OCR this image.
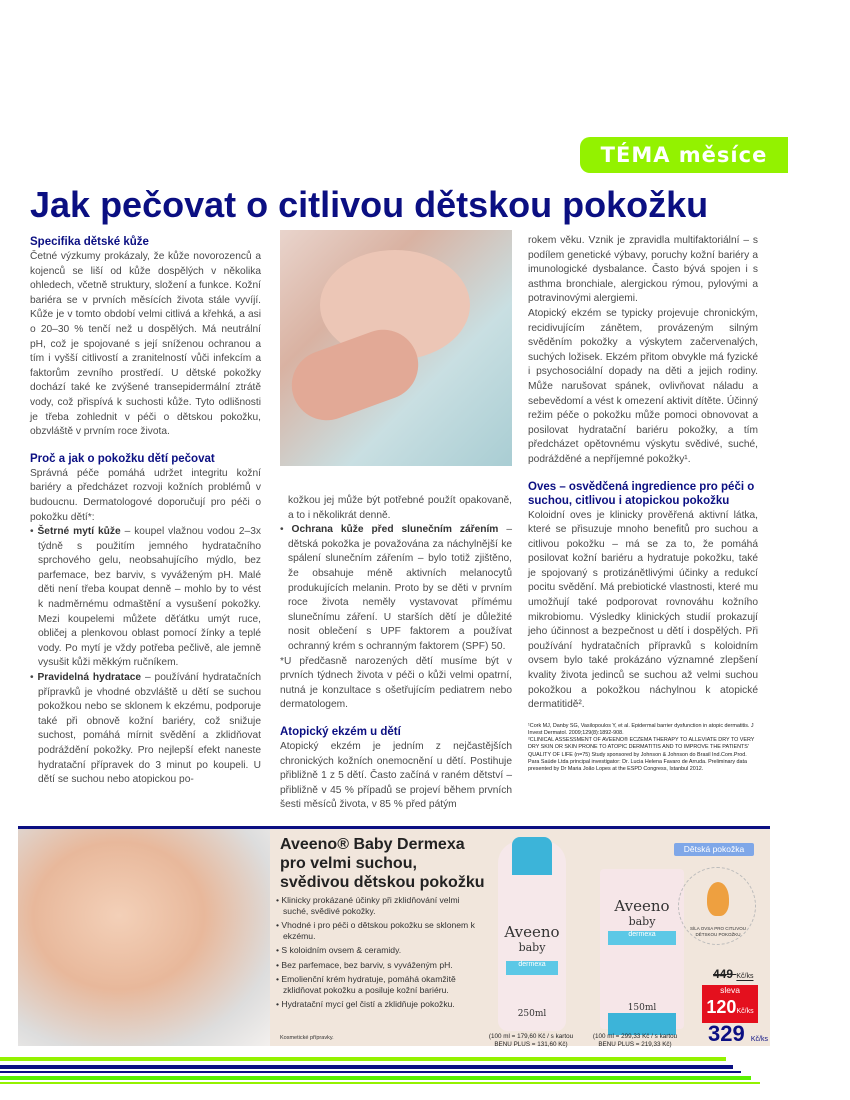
TÉMA měsíce
Jak pečovat o citlivou dětskou pokožku
Specifika dětské kůže

Četné výzkumy prokázaly, že kůže novorozenců a kojenců se liší od kůže dospělých v několika ohledech, včetně struktury, složení a funkce. Kožní bariéra se v prvních měsících života stále vyvíjí. Kůže je v tomto období velmi citlivá a křehká, a asi o 20–30 % tenčí než u dospělých. Má neutrální pH, což je spojované s její sníženou ochranou a tím i vyšší citlivostí a zranitelností vůči infekcím a faktorům zevního prostředí. U dětské pokožky dochází také ke zvýšené transepidermální ztrátě vody, což přispívá k suchosti kůže. Tyto odlišnosti je třeba zohlednit v péči o dětskou pokožku, obzvláště v prvním roce života.

Proč a jak o pokožku dětí pečovat

Správná péče pomáhá udržet integritu kožní bariéry a předcházet rozvoji kožních problémů v budoucnu. Dermatologové doporučují pro péči o pokožku dětí*:

• Šetrné mytí kůže – koupel vlažnou vodou 2–3x týdně s použitím jemného hydratačního sprchového gelu, neobsahujícího mýdlo, bez parfemace, bez barviv, s vyváženým pH. Malé děti není třeba koupat denně – mohlo by to vést k nadměrnému odmaštění a vysušení pokožky. Mezi koupelemi můžete děťátku umýt ruce, obličej a plenkovou oblast pomocí žínky a teplé vody. Po mytí je vždy potřeba pečlivě, ale jemně vysušit kůži měkkým ručníkem.
• Pravidelná hydratace – používání hydratačních přípravků je vhodné obzvláště u dětí se suchou pokožkou nebo se sklonem k ekzému, podporuje také při obnově kožní bariéry, což snižuje suchost, pomáhá mírnit svědění a zklidňovat podráždění pokožky. Pro nejlepší efekt naneste hydratační přípravek do 3 minut po koupeli. U dětí se suchou nebo atopickou po-

kožkou jej může být potřebné použít opakovaně, a to i několikrát denně.

• Ochrana kůže před slunečním zářením – dětská pokožka je považována za náchylnější ke spálení slunečním zářením – bylo totiž zjištěno, že obsahuje méně aktivních melanocytů produkujících melanin. Proto by se děti v prvním roce života neměly vystavovat přímému slunečnímu záření. U starších dětí je důležité nosit oblečení s UPF faktorem a používat ochranný krém s ochranným faktorem (SPF) 50.

*U předčasně narozených dětí musíme být v prvních týdnech života v péči o kůži velmi opatrní, nutná je konzultace s ošetřujícím pediatrem nebo dermatologem.

Atopický ekzém u dětí

Atopický ekzém je jedním z nejčastějších chronických kožních onemocnění u dětí. Postihuje přibližně 1 z 5 dětí. Často začíná v raném dětství – přibližně v 45 % případů se projeví během prvních šesti měsíců života, v 85 % před pátým

rokem věku. Vznik je zpravidla multifaktoriální – s podílem genetické výbavy, poruchy kožní bariéry a imunologické dysbalance. Často bývá spojen i s asthma bronchiale, alergickou rýmou, pylovými a potravinovými alergiemi.

Atopický ekzém se typicky projevuje chronickým, recidivujícím zánětem, provázeným silným svěděním pokožky a výskytem začervenalých, suchých ložisek. Ekzém přitom obvykle má fyzické i psychosociální dopady na děti a jejich rodiny. Může narušovat spánek, ovlivňovat náladu a sebevědomí a vést k omezení aktivit dítěte. Účinný režim péče o pokožku může pomoci obnovovat a posilovat hydratační bariéru pokožky, a tím předcházet opětovnému výskytu svědivé, suché, podrážděné a nepříjemné pokožky¹.

Oves – osvědčená ingredience pro péči o suchou, citlivou i atopickou pokožku

Koloidní oves je klinicky prověřená aktivní látka, které se přisuzuje mnoho benefitů pro suchou a citlivou pokožku – má se za to, že pomáhá posilovat kožní bariéru a hydratuje pokožku, také je spojovaný s protizánětlivými účinky a redukcí pocitu svědění. Má prebiotické vlastnosti, které mu umožňují také podporovat rovnováhu kožního mikrobiomu. Výsledky klinických studií prokazují jeho účinnost a bezpečnost u dětí i dospělých. Při používání hydratačních přípravků s koloidním ovsem bylo také prokázáno významné zlepšení kvality života jedinců se suchou až velmi suchou pokožkou a pokožkou náchylnou k atopické dermatitidě².

¹Cork MJ, Danby SG, Vasilopoulos Y, et al. Epidermal barrier dysfunction in atopic dermatitis. J Invest Dermatol. 2009;129(8):1892-908.

²CLINICAL ASSESSMENT OF AVEENO® ECZEMA THERAPY TO ALLEVIATE DRY TO VERY DRY SKIN OR SKIN PRONE TO ATOPIC DERMATITIS AND TO IMPROVE THE PATIENTS' QUALITY OF LIFE (n=75) Study sponsored by Johnson & Johnson do Brasil Ind.Com.Prod. Para Saúde Ltda principal investigator: Dr. Lucia Helena Favaro de Arruda. Preliminary data presented by Dr Maria João Lopes at the ESPD Congress, Istanbul 2012.

Aveeno® Baby Dermexa
pro velmi suchou,
svědivou dětskou pokožku
• Klinicky prokázané účinky při zklidňování velmi suché, svědivé pokožky.
• Vhodné i pro péči o dětskou pokožku se sklonem k ekzému.
• S koloidním ovsem & ceramidy.
• Bez parfemace, bez barviv, s vyváženým pH.
• Emolienční krém hydratuje, pomáhá okamžitě zklidňovat pokožku a posiluje kožní bariéru.
• Hydratační mycí gel čistí a zklidňuje pokožku.
Kosmetické přípravky.
Aveeno
baby
dermexa
250ml
(100 ml = 179,60 Kč / s kartou
BENU PLUS = 131,60 Kč)
Aveeno
baby
dermexa
150ml
(100 ml = 299,33 Kč / s kartou
BENU PLUS = 219,33 Kč)
Dětská pokožka
SÍLA OVSA PRO CITLIVOU DĚTSKOU POKOŽKU
449 Kč/ks
sleva
120Kč/ks
329 Kč/ks
